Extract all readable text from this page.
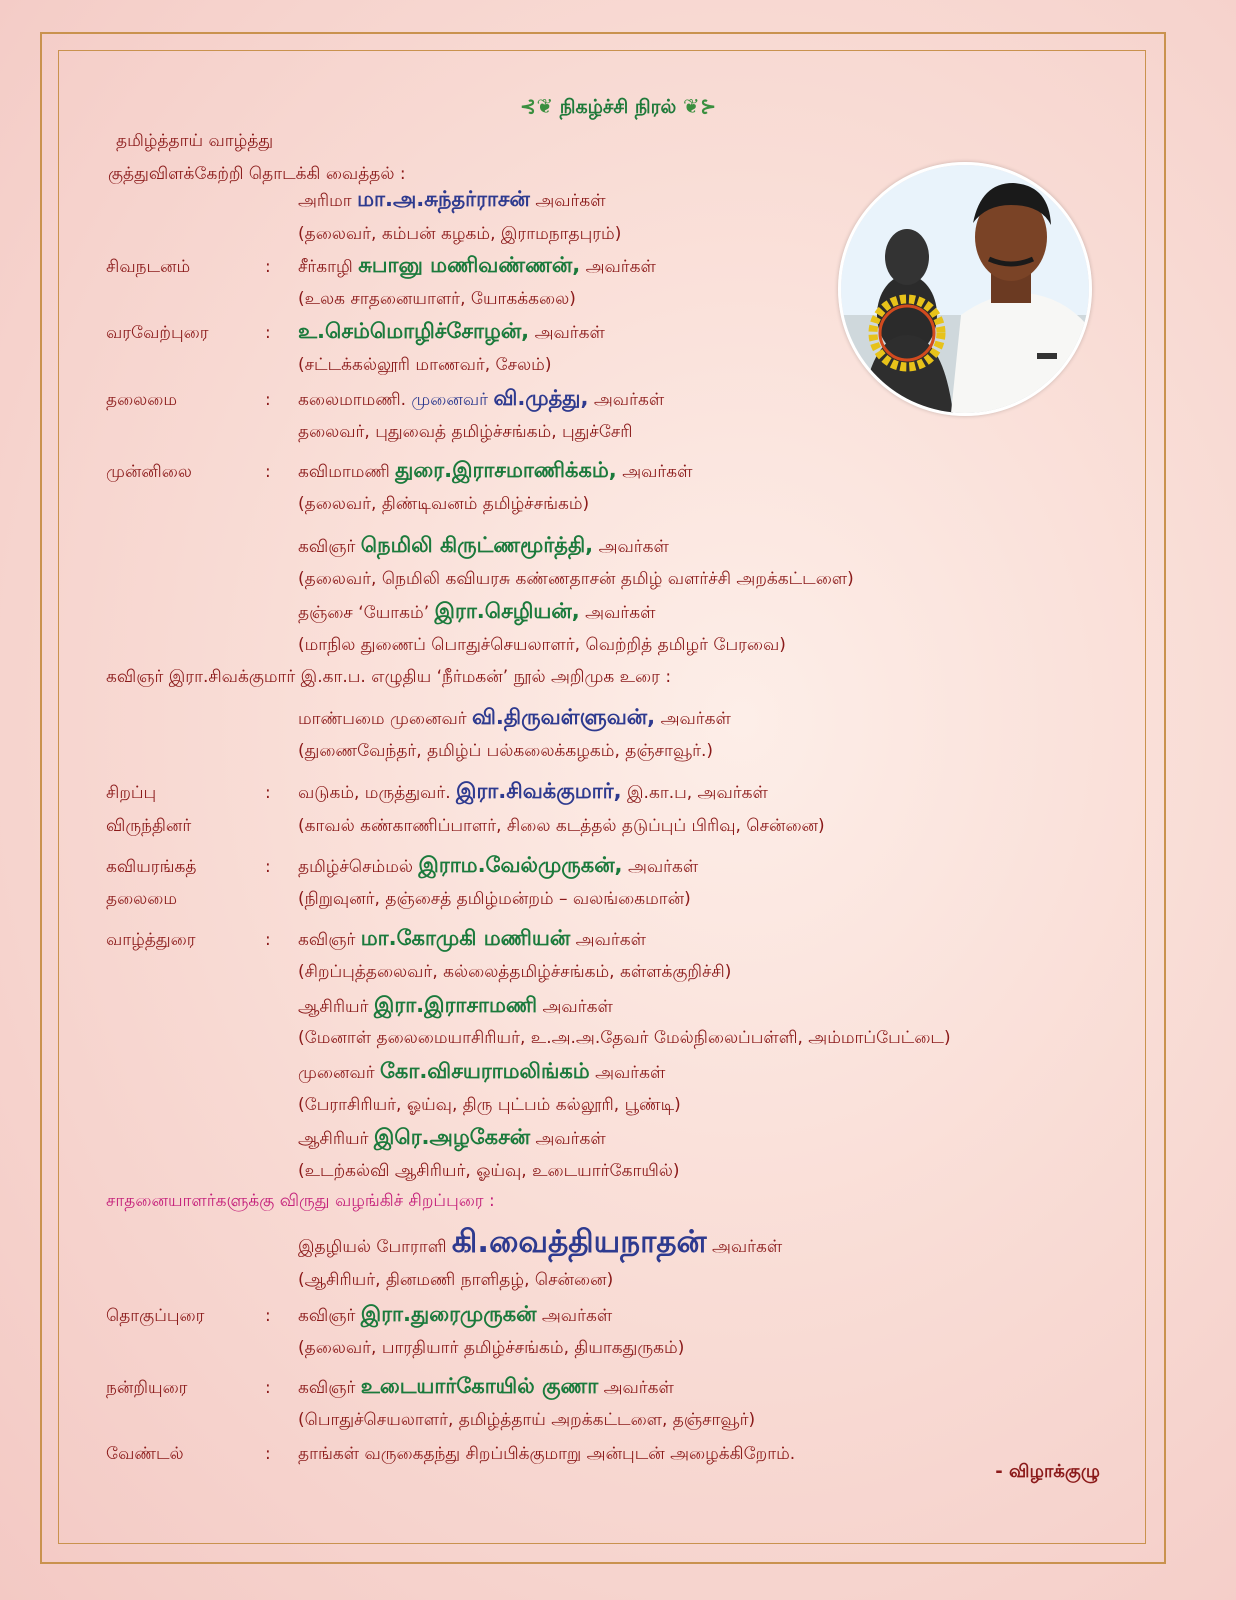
⊰❦ நிகழ்ச்சி நிரல் ❦⊱
தமிழ்த்தாய் வாழ்த்து
குத்துவிளக்கேற்றி தொடக்கி வைத்தல் :
அரிமா மா.அ.சுந்தர்ராசன் அவர்கள்
(தலைவர், கம்பன் கழகம், இராமநாதபுரம்)
சிவநடனம்	: சீர்காழி சுபானு மணிவண்ணன், அவர்கள்
(உலக சாதனையாளர், யோகக்கலை)
வரவேற்புரை	: உ.செம்மொழிச்சோழன், அவர்கள்
(சட்டக்கல்லூரி மாணவர், சேலம்)
தலைமை	: கலைமாமணி. முனைவர் வி.முத்து, அவர்கள்
தலைவர், புதுவைத் தமிழ்ச்சங்கம், புதுச்சேரி
முன்னிலை	: கவிமாமணி துரை.இராசமாணிக்கம், அவர்கள்
(தலைவர், திண்டிவனம் தமிழ்ச்சங்கம்)
கவிஞர் நெமிலி கிருட்ணமூர்த்தி, அவர்கள்
(தலைவர், நெமிலி கவியரசு கண்ணதாசன் தமிழ் வளர்ச்சி அறக்கட்டளை)
தஞ்சை ‘யோகம்’ இரா.செழியன், அவர்கள்
(மாநில துணைப் பொதுச்செயலாளர், வெற்றித் தமிழர் பேரவை)
கவிஞர் இரா.சிவக்குமார் இ.கா.ப. எழுதிய ‘நீர்மகன்’ நூல் அறிமுக உரை :
மாண்பமை முனைவர் வி.திருவள்ளுவன், அவர்கள்
(துணைவேந்தர், தமிழ்ப் பல்கலைக்கழகம், தஞ்சாவூர்.)
சிறப்பு	: வடுகம், மருத்துவர். இரா.சிவக்குமார், இ.கா.ப, அவர்கள்
விருந்தினர்	(காவல் கண்காணிப்பாளர், சிலை கடத்தல் தடுப்புப் பிரிவு, சென்னை)
கவியரங்கத்	: தமிழ்ச்செம்மல் இராம.வேல்முருகன், அவர்கள்
தலைமை	(நிறுவுனர், தஞ்சைத் தமிழ்மன்றம் – வலங்கைமான்)
வாழ்த்துரை	: கவிஞர் மா.கோமுகி மணியன் அவர்கள்
(சிறப்புத்தலைவர், கல்லைத்தமிழ்ச்சங்கம், கள்ளக்குறிச்சி)
ஆசிரியர் இரா.இராசாமணி அவர்கள்
(மேனாள் தலைமையாசிரியர், உ.அ.அ.தேவர் மேல்நிலைப்பள்ளி, அம்மாப்பேட்டை)
முனைவர் கோ.விசயராமலிங்கம் அவர்கள்
(பேராசிரியர், ஓய்வு, திரு புட்பம் கல்லூரி, பூண்டி)
ஆசிரியர் இரெ.அழகேசன் அவர்கள்
(உடற்கல்வி ஆசிரியர், ஓய்வு, உடையார்கோயில்)
சாதனையாளர்களுக்கு விருது வழங்கிச் சிறப்புரை :
இதழியல் போராளி கி.வைத்தியநாதன் அவர்கள்
(ஆசிரியர், தினமணி நாளிதழ், சென்னை)
தொகுப்புரை	: கவிஞர் இரா.துரைமுருகன் அவர்கள்
(தலைவர், பாரதியார் தமிழ்ச்சங்கம், தியாகதுருகம்)
நன்றியுரை	: கவிஞர் உடையார்கோயில் குணா அவர்கள்
(பொதுச்செயலாளர், தமிழ்த்தாய் அறக்கட்டளை, தஞ்சாவூர்)
வேண்டல்	: தாங்கள் வருகைதந்து சிறப்பிக்குமாறு அன்புடன் அழைக்கிறோம்.
- விழாக்குழு
